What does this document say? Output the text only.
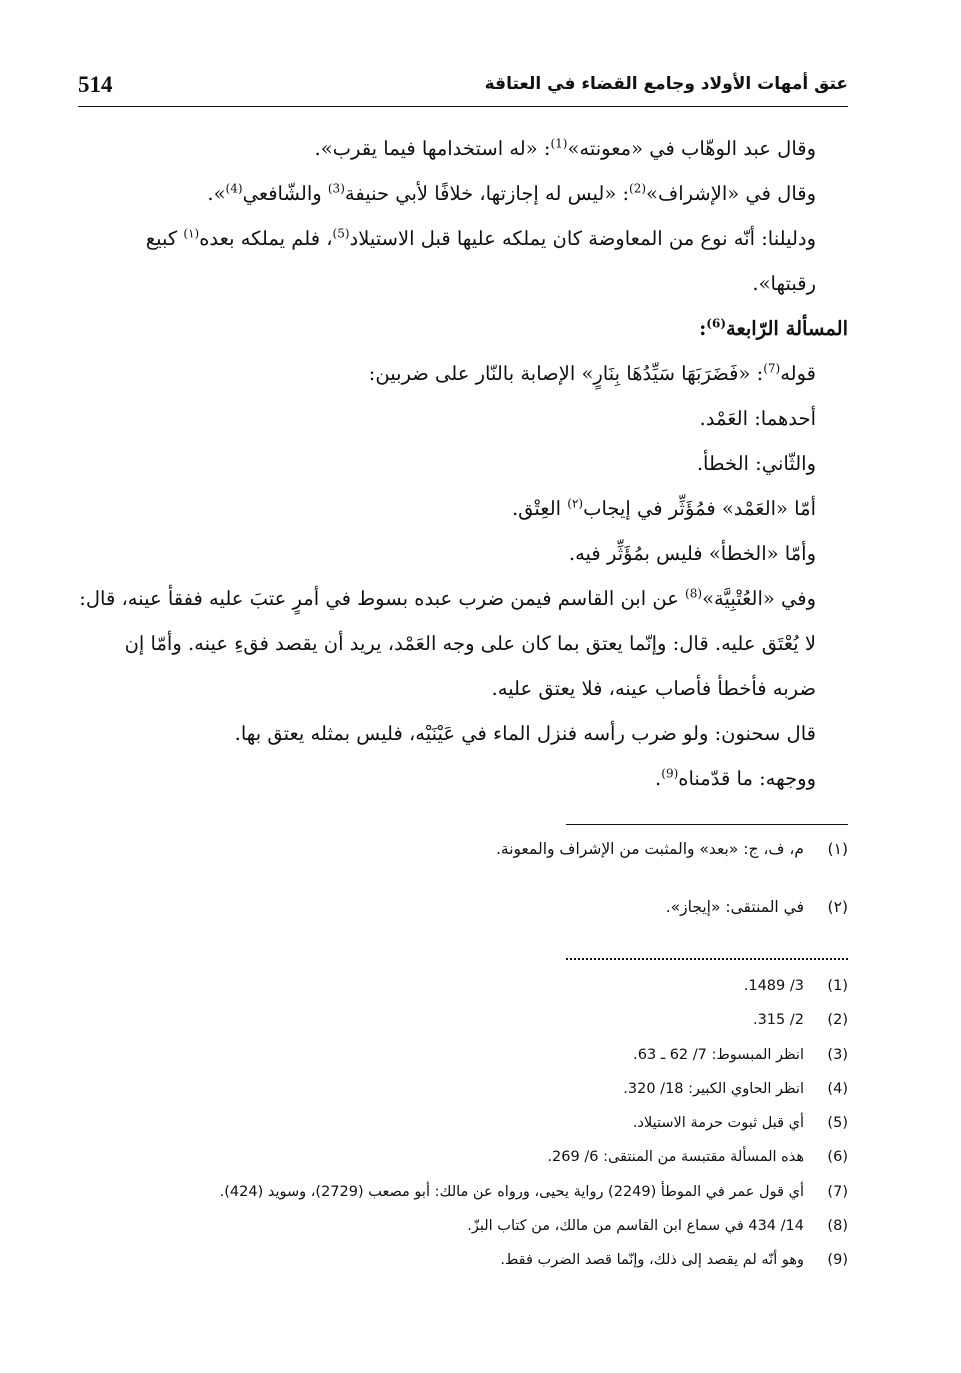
514	عتق أمهات الأولاد وجامع القضاء في العتاقة

وقال عبد الوهّاب في «معونته»$^{(1)}$: «له استخدامها فيما يقرب».

وقال في «الإشراف»$^{(2)}$: «ليس له إجازتها، خلافًا لأبي حنيفة$^{(3)}$ والشّافعي$^{(4)}$».

ودليلنا: أنّه نوع من المعاوضة كان يملكه عليها قبل الاستيلاد$^{(5)}$، فلم يملكه بعده$^{(١)}$ كبيع رقبتها».

المسألة الرّابعة$^{(6)}$:

قوله$^{(7)}$: «فَضَرَبَهَا سَيِّدُهَا بِنَارٍ» الإصابة بالنّار على ضربين:

أحدهما: العَمْد.

والثّاني: الخطأ.

أمّا «العَمْد» فمُؤَثِّر في إيجاب$^{(٢)}$ العِتْق.

وأمّا «الخطأ» فليس بمُؤَثِّر فيه.

وفي «العُتْبِيَّة»$^{(8)}$ عن ابن القاسم فيمن ضرب عبده بسوط في أمرٍ عتبَ عليه ففقأ عينه، قال: لا يُعْتَق عليه. قال: وإنّما يعتق بما كان على وجه العَمْد، يريد أن يقصد فقءِ عينه. وأمّا إن ضربه فأخطأ فأصاب عينه، فلا يعتق عليه.

قال سحنون: ولو ضرب رأسه فنزل الماء في عَيْنَيْه، فليس بمثله يعتق بها.

ووجهه: ما قدّمناه$^{(9)}$.

(١)
م، ف، ج: «بعد» والمثبت من الإشراف والمعونة.
(٢)
في المنتقى: «إيجاز».
(1)
3/ 1489.
(2)
2/ 315.
(3)
انظر المبسوط: 7/ 62 ـ 63.
(4)
انظر الحاوي الكبير: 18/ 320.
(5)
أي قبل ثبوت حرمة الاستيلاد.
(6)
هذه المسألة مقتبسة من المنتقى: 6/ 269.
(7)
أي قول عمر في الموطأ (2249) رواية يحيى، ورواه عن مالك: أبو مصعب (2729)، وسويد (424).
(8)
14/ 434 في سماع ابن القاسم من مالك، من كتاب البزّ.
(9)
وهو أنّه لم يقصد إلى ذلك، وإنّما قصد الضرب فقط.
